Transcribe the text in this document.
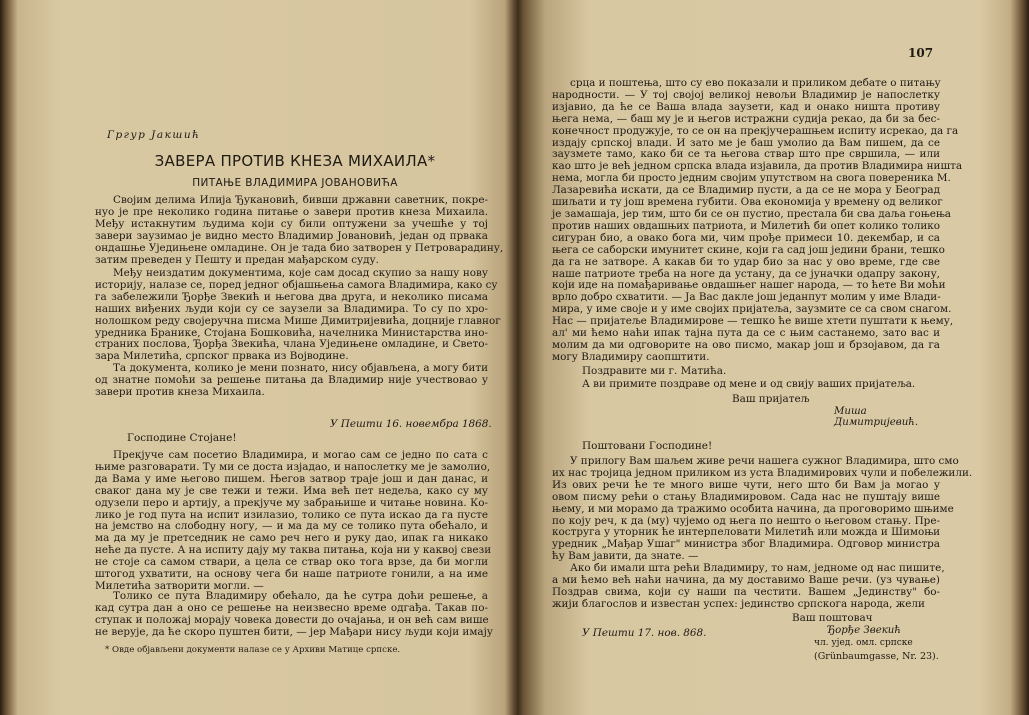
Гргур Јакшић
ЗАВЕРА ПРОТИВ КНЕЗА МИХАИЛА*
ПИТАЊЕ ВЛАДИМИРА ЈОВАНОВИЋА
Својим делима Илија Ђукановић, бивши државни саветник, покре-
нуо је пре неколико година питање о завери против кнеза Михаила.
Међу истакнутим људима који су били оптужени за учешће у тој
завери заузимао је видно место Владимир Јовановић, један од првака
ондашње Уједињене омладине. Он је тада био затворен у Петроварадину,
затим преведен у Пешту и предан мађарском суду.
Међу неиздатим документима, које сам досад скупио за нашу нову
историју, налазе се, поред једног објашњења самога Владимира, како су
га забележили Ђорђе Звекић и његова два друга, и неколико писама
наших виђених људи који су се заузели за Владимира. То су по хро-
нолошком реду својеручна писма Мише Димитријевића, доцније главног
уредника Бранике, Стојана Бошковића, начелника Министарства ино-
страних послова, Ђорђа Звекића, члана Уједињене омладине, и Свето-
зара Милетића, српског првака из Војводине.
Та документа, колико је мени познато, нису објављена, а могу бити
од знатне помоћи за решење питања да Владимир није учествовао у
завери против кнеза Михаила.
У Пешти 16. новембра 1868.
Господине Стојане!
Прекјуче сам посетио Владимира, и могао сам се једно по сата с
њиме разговарати. Ту ми се доста изјадао, и напослетку ме је замолио,
да Вама у име његово пишем. Његов затвор траје још и дан данас, и
сваког дана му је све тежи и тежи. Има већ пет недеља, како су му
одузели перо и артију, а прекјуче му забрањише и читање новина. Ко-
лико је год пута на испит изилазио, толико се пута искао да га пусте
на јемство на слободну ногу, — и ма да му се толико пута обећало, и
ма да му је претседник не само реч него и руку дао, ипак га никако
неће да пусте. А на испиту дају му таква питања, која ни у каквој свези
не стоје са самом ствари, а цела се ствар око тога врзе, да би могли
штогод ухватити, на основу чега би наше патриоте гонили, а на име
Милетића затворити могли. —
Толико се пута Владимиру обећало, да ће сутра доћи решење, а
кад сутра дан а оно се решење на неизвесно време одгађа. Такав по-
ступак и положај морају човека довести до очајања, и он већ сам више
не верује, да ће скоро пуштен бити, — јер Мађари нису људи који имају
* Овде објављени документи налазе се у Архиви Матице српске.
107
срца и поштења, што су ево показали и приликом дебате о питању
народности. — У тој својој великој невољи Владимир је напослетку
изјавио, да ће се Ваша влада заузети, кад и онако ништа противу
њега нема, — баш му је и његов истражни судија рекао, да би за бес-
конечност продужује, то се он на прекјучерашњем испиту исрекао, да га
издају српској влади. И зато ме је баш умолио да Вам пишем, да се
заузмете тамо, како би се та његова ствар што пре свршила, — или
као што је већ једном српска влада изјавила, да против Владимира ништа
нема, могла би просто једним својим упутством на свога повереника М.
Лазаревића искати, да се Владимир пусти, а да се не мора у Београд
шиљати и ту још времена губити. Ова економија у времену од великог
је замашаја, јер тим, што би се он пустио, престала би сва даља гоњења
против наших овдашњих патриота, и Милетић би опет колико толико
сигуран био, а овако бога ми, чим прође примеси 10. декембар, и са
њега се саборски имунитет скине, који га сад још једини брани, тешко
да га не затворе. А какав би то удар био за нас у ово време, где све
наше патриоте треба на ноге да устану, да се јуначки одапру закону,
који иде на помађаривање овдашњег нашег народа, — то ћете Ви моћи
врло добро схватити. — Ја Вас дакле још једанпут молим у име Влади-
мира, у име своје и у име својих пријатеља, заузмите се са свом снагом.
Нас — пријатеље Владимирове — тешко ће више хтети пуштати к њему,
ал' ми ћемо наћи ипак тајна пута да се с њим састанемо, зато вас и
молим да ми одговорите на ово писмо, макар још и брзојавом, да га
могу Владимиру саопштити.
Поздравите ми г. Матића.
А ви примите поздраве од мене и од свију ваших пријатеља.
Ваш пријатељ
Миша Димитријевић.
Поштовани Господине!
У прилогу Вам шаљем живе речи нашега сужног Владимира, што смо
их нас тројица једном приликом из уста Владимирових чули и побележили.
Из ових речи ће те много више чути, него што би Вам ја могао у
овом писму рећи о стању Владимировом. Сада нас не пуштају више
њему, и ми морамо да тражимо особита начина, да проговоримо шњиме
по коју реч, к да (му) чујемо од њега по нешто о његовом стању. Пре-
коструга у уторник ће интерпеловати Милетић или можда и Шимоњи
уредник „Мађар Ушаг" министра због Владимира. Одговор министра
ћу Вам јавити, да знате. —
Ако би имали шта рећи Владимиру, то нам, једноме од нас пишите,
а ми ћемо већ наћи начина, да му доставимо Ваше речи. (уз чување)
Поздрав свима, који су наши па честити. Вашем „Јединству" бо-
жији благослов и известан успех: јединство српскога народа, жели
Ваш поштовач
У Пешти 17. нов. 868.	Ђорђе Звекић
чл. ујед. омл. српске
(Grünbaumgasse, Nr. 23).
